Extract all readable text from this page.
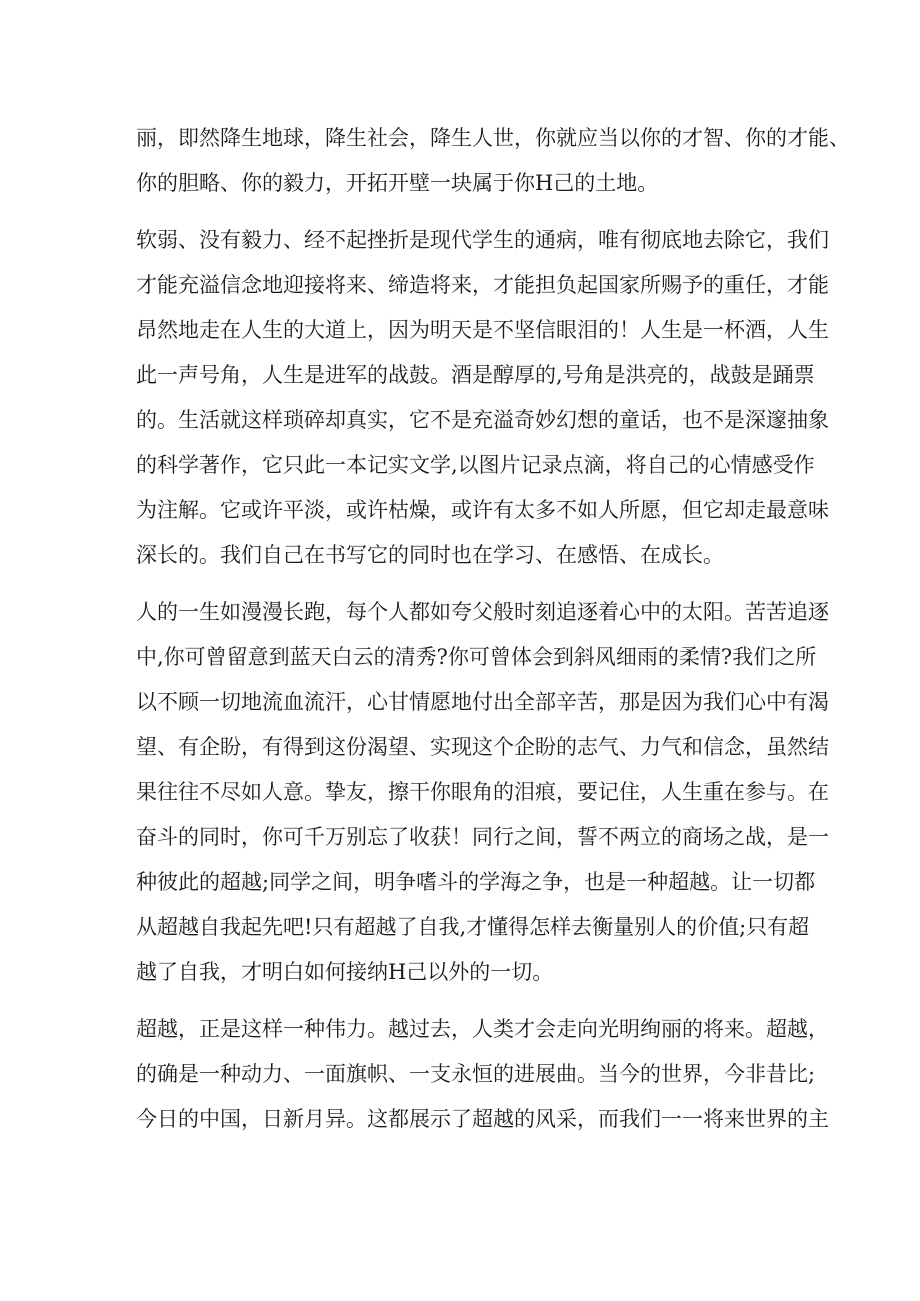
丽，即然降生地球，降生社会，降生人世，你就应当以你的才智、你的才能、
你的胆略、你的毅力，开拓开壁一块属于你H己的土地。
软弱、没有毅力、经不起挫折是现代学生的通病，唯有彻底地去除它，我们
才能充溢信念地迎接将来、缔造将来，才能担负起国家所赐予的重任，才能
昂然地走在人生的大道上，因为明天是不坚信眼泪的！人生是一杯酒，人生
此一声号角，人生是进军的战鼓。酒是醇厚的,号角是洪亮的，战鼓是踊票
的。生活就这样琐碎却真实，它不是充溢奇妙幻想的童话，也不是深邃抽象
的科学著作，它只此一本记实文学,以图片记录点滴，将自己的心情感受作
为注解。它或许平淡，或许枯燥，或许有太多不如人所愿，但它却走最意味
深长的。我们自己在书写它的同时也在学习、在感悟、在成长。
人的一生如漫漫长跑，每个人都如夸父般时刻追逐着心中的太阳。苦苦追逐
中,你可曾留意到蓝天白云的清秀?你可曾体会到斜风细雨的柔情?我们之所
以不顾一切地流血流汗，心甘情愿地付出全部辛苦，那是因为我们心中有渴
望、有企盼，有得到这份渴望、实现这个企盼的志气、力气和信念，虽然结
果往往不尽如人意。挚友，擦干你眼角的泪痕，要记住，人生重在参与。在
奋斗的同时，你可千万别忘了收获！同行之间，誓不两立的商场之战，是一
种彼此的超越;同学之间，明争嗜斗的学海之争，也是一种超越。让一切都
从超越自我起先吧!只有超越了自我,才懂得怎样去衡量别人的价值;只有超
越了自我，才明白如何接纳H己以外的一切。
超越，正是这样一种伟力。越过去，人类才会走向光明绚丽的将来。超越，
的确是一种动力、一面旗帜、一支永恒的进展曲。当今的世界，今非昔比;
今日的中国，日新月异。这都展示了超越的风采，而我们一一将来世界的主
